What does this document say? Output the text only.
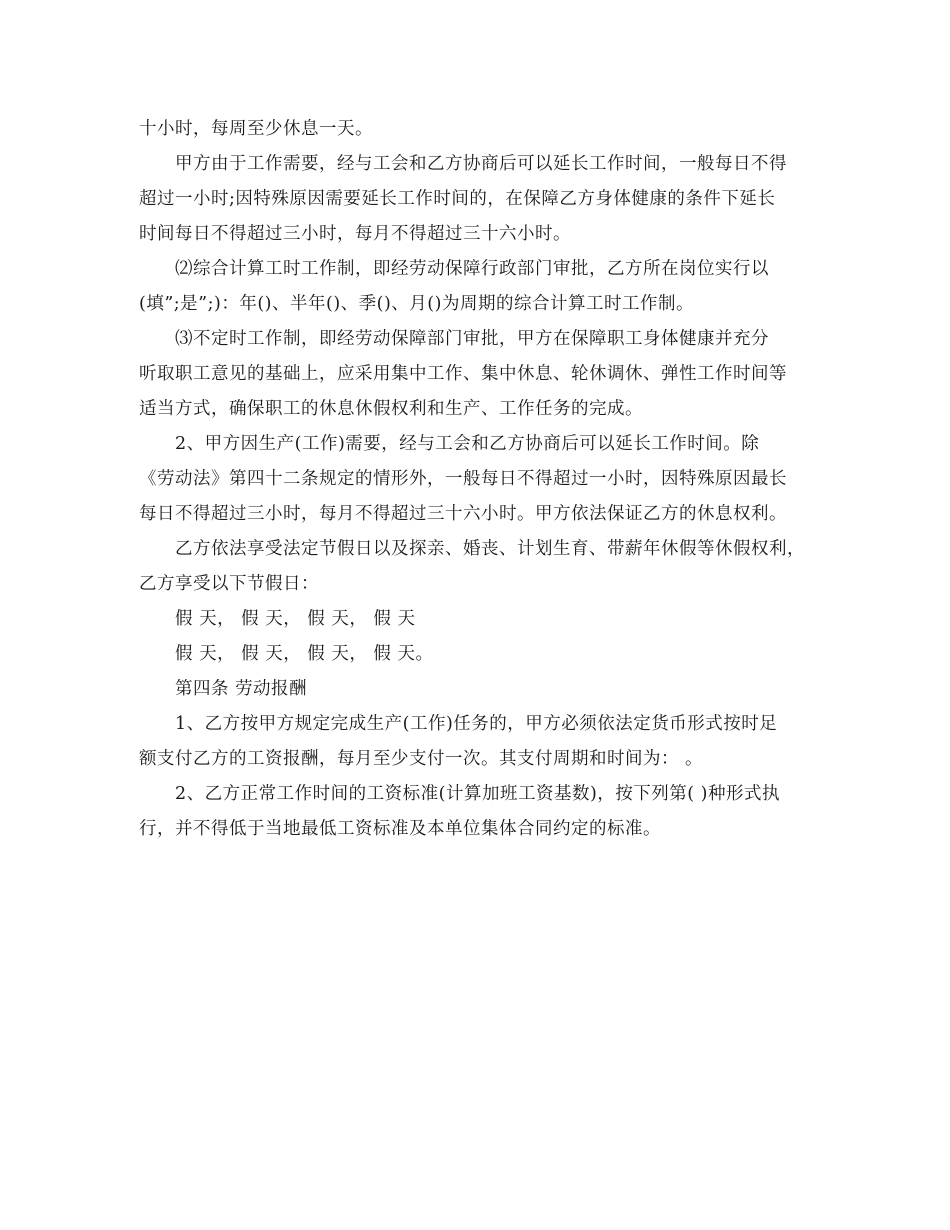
十小时，每周至少休息一天。
甲方由于工作需要，经与工会和乙方协商后可以延长工作时间，一般每日不得
超过一小时;因特殊原因需要延长工作时间的，在保障乙方身体健康的条件下延长
时间每日不得超过三小时，每月不得超过三十六小时。
⑵综合计算工时工作制，即经劳动保障行政部门审批，乙方所在岗位实行以
(填”;是”;)：年()、半年()、季()、月()为周期的综合计算工时工作制。
⑶不定时工作制，即经劳动保障部门审批，甲方在保障职工身体健康并充分
听取职工意见的基础上，应采用集中工作、集中休息、轮休调休、弹性工作时间等
适当方式，确保职工的休息休假权利和生产、工作任务的完成。
2、甲方因生产(工作)需要，经与工会和乙方协商后可以延长工作时间。除
《劳动法》第四十二条规定的情形外，一般每日不得超过一小时，因特殊原因最长
每日不得超过三小时，每月不得超过三十六小时。甲方依法保证乙方的休息权利。
乙方依法享受法定节假日以及探亲、婚丧、计划生育、带薪年休假等休假权利，
乙方享受以下节假日：
假 天， 假 天， 假 天， 假 天
假 天， 假 天， 假 天， 假 天。
第四条 劳动报酬
1、乙方按甲方规定完成生产(工作)任务的，甲方必须依法定货币形式按时足
额支付乙方的工资报酬，每月至少支付一次。其支付周期和时间为： 。
2、乙方正常工作时间的工资标准(计算加班工资基数)，按下列第( )种形式执
行，并不得低于当地最低工资标准及本单位集体合同约定的标准。
